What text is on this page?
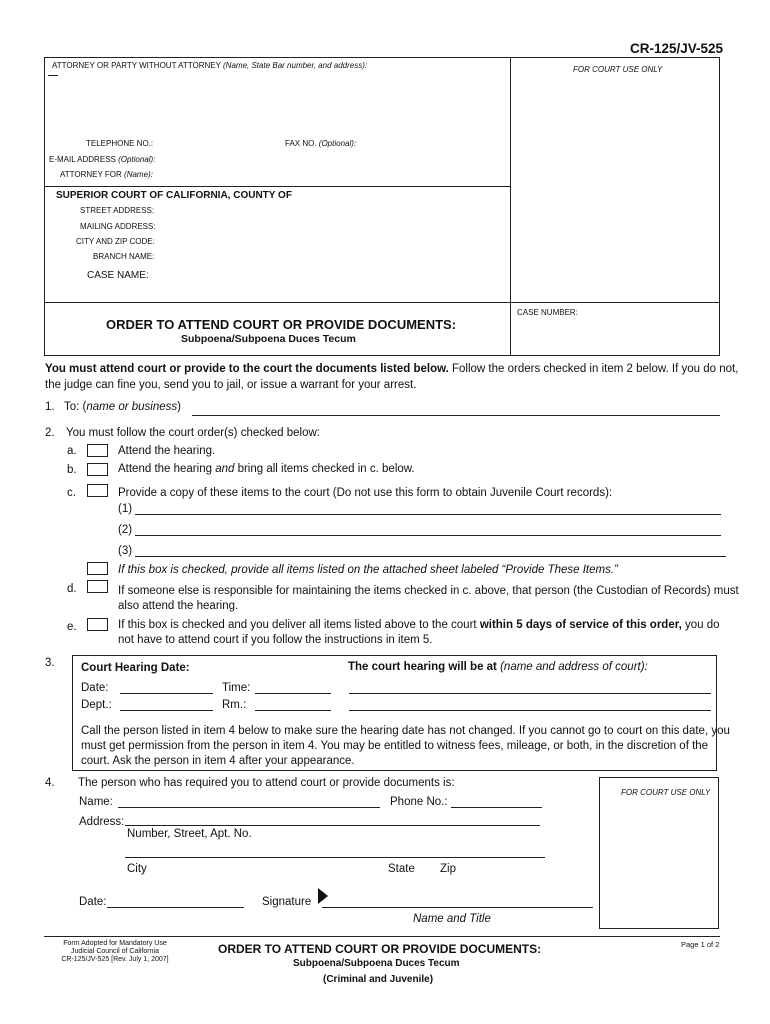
CR-125/JV-525
ATTORNEY OR PARTY WITHOUT ATTORNEY (Name, State Bar number, and address):	FOR COURT USE ONLY
TELEPHONE NO.:	FAX NO. (Optional):
E-MAIL ADDRESS (Optional):
ATTORNEY FOR (Name):
SUPERIOR COURT OF CALIFORNIA, COUNTY OF
STREET ADDRESS:
MAILING ADDRESS:
CITY AND ZIP CODE:
BRANCH NAME:
CASE NAME:
CASE NUMBER:
ORDER TO ATTEND COURT OR PROVIDE DOCUMENTS:
Subpoena/Subpoena Duces Tecum
You must attend court or provide to the court the documents listed below. Follow the orders checked in item 2 below. If you do not,
the judge can fine you, send you to jail, or issue a warrant for your arrest.
1. To: (name or business)
2. You must follow the court order(s) checked below:
a.	Attend the hearing.
b.	Attend the hearing and bring all items checked in c. below.
c.	Provide a copy of these items to the court (Do not use this form to obtain Juvenile Court records):
(1)
(2)
(3)
If this box is checked, provide all items listed on the attached sheet labeled “Provide These Items.”
d.	If someone else is responsible for maintaining the items checked in c. above, that person (the Custodian of Records) must
also attend the hearing.
e.	If this box is checked and you deliver all items listed above to the court within 5 days of service of this order, you do
not have to attend court if you follow the instructions in item 5.
3. Court Hearing Date:	The court hearing will be at (name and address of court):
Date:	Time:
Dept.:	Rm.:
Call the person listed in item 4 below to make sure the hearing date has not changed. If you cannot go to court on this date, you
must get permission from the person in item 4. You may be entitled to witness fees, mileage, or both, in the discretion of the
court. Ask the person in item 4 after your appearance.
4. The person who has required you to attend court or provide documents is:
FOR COURT USE ONLY
Name:	Phone No.:
Address:
Number, Street, Apt. No.
City	State Zip
Date:	Signature
Name and Title
Form Adopted for Mandatory Use
Judicial Council of California
CR-125/JV-525 [Rev. July 1, 2007]
ORDER TO ATTEND COURT OR PROVIDE DOCUMENTS:
Subpoena/Subpoena Duces Tecum
(Criminal and Juvenile)
Page 1 of 2
